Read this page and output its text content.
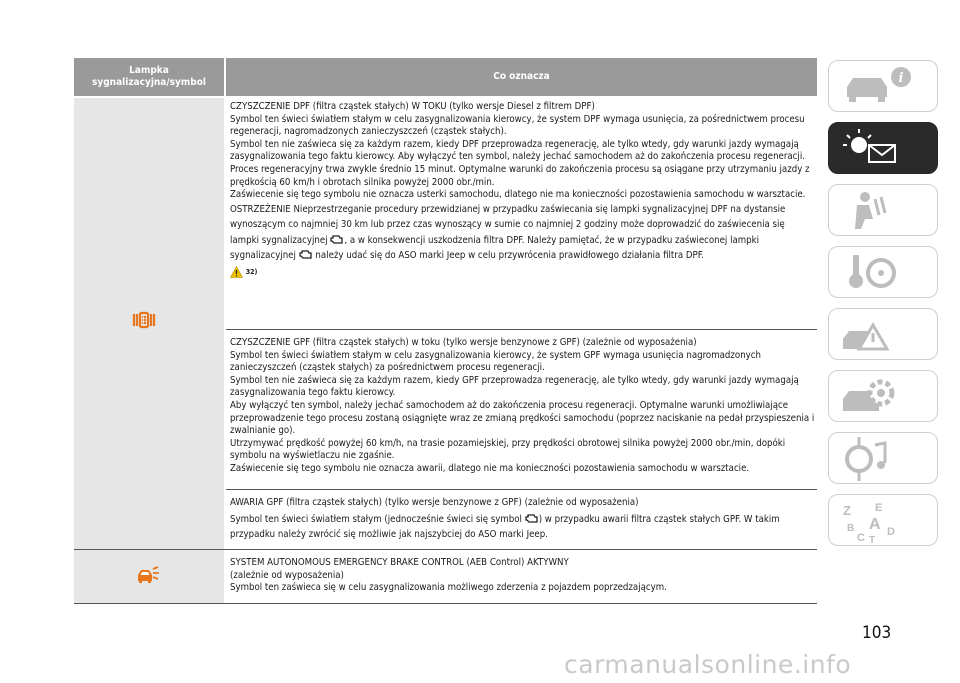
Lampka
sygnalizacyjna/symbol
Co oznacza

CZYSZCZENIE DPF (filtra cząstek stałych) W TOKU (tylko wersje Diesel z filtrem DPF)

Symbol ten świeci światłem stałym w celu zasygnalizowania kierowcy, że system DPF wymaga usunięcia, za pośrednictwem procesu regeneracji, nagromadzonych zanieczyszczeń (cząstek stałych).

Symbol ten nie zaświeca się za każdym razem, kiedy DPF przeprowadza regenerację, ale tylko wtedy, gdy warunki jazdy wymagają zasygnalizowania tego faktu kierowcy. Aby wyłączyć ten symbol, należy jechać samochodem aż do zakończenia procesu regeneracji. Proces regeneracyjny trwa zwykle średnio 15 minut. Optymalne warunki do zakończenia procesu są osiągane przy utrzymaniu jazdy z prędkością 60 km/h i obrotach silnika powyżej 2000 obr./min.

Zaświecenie się tego symbolu nie oznacza usterki samochodu, dlatego nie ma konieczności pozostawienia samochodu w warsztacie.

OSTRZEŻENIE Nieprzestrzeganie procedury przewidzianej w przypadku zaświecania się lampki sygnalizacyjnej DPF na dystansie wynoszącym co najmniej 30 km lub przez czas wynoszący w sumie co najmniej 2 godziny może doprowadzić do zaświecenia się lampki sygnalizacyjnej , a w konsekwencji uszkodzenia filtra DPF. Należy pamiętać, że w przypadku zaświeconej lampki sygnalizacyjnej należy udać się do ASO marki Jeep w celu przywrócenia prawidłowego działania filtra DPF.

$^{32)}$

CZYSZCZENIE GPF (filtra cząstek stałych) w toku (tylko wersje benzynowe z GPF) (zależnie od wyposażenia)

Symbol ten świeci światłem stałym w celu zasygnalizowania kierowcy, że system GPF wymaga usunięcia nagromadzonych zanieczyszczeń (cząstek stałych) za pośrednictwem procesu regeneracji.

Symbol ten nie zaświeca się za każdym razem, kiedy GPF przeprowadza regenerację, ale tylko wtedy, gdy warunki jazdy wymagają zasygnalizowania tego faktu kierowcy.

Aby wyłączyć ten symbol, należy jechać samochodem aż do zakończenia procesu regeneracji. Optymalne warunki umożliwiające przeprowadzenie tego procesu zostaną osiągnięte wraz ze zmianą prędkości samochodu (poprzez naciskanie na pedał przyspieszenia i zwalnianie go).

Utrzymywać prędkość powyżej 60 km/h, na trasie pozamiejskiej, przy prędkości obrotowej silnika powyżej 2000 obr./min, dopóki symbolu na wyświetlaczu nie zgaśnie.

Zaświecenie się tego symbolu nie oznacza awarii, dlatego nie ma konieczności pozostawienia samochodu w warsztacie.

AWARIA GPF (filtra cząstek stałych) (tylko wersje benzynowe z GPF) (zależnie od wyposażenia)

Symbol ten świeci światłem stałym (jednocześnie świeci się symbol ) w przypadku awarii filtra cząstek stałych GPF. W takim przypadku należy zwrócić się możliwie jak najszybciej do ASO marki Jeep.

SYSTEM AUTONOMOUS EMERGENCY BRAKE CONTROL (AEB Control) AKTYWNY

(zależnie od wyposażenia)

Symbol ten zaświeca się w celu zasygnalizowania możliwego zderzenia z pojazdem poprzedzającym.

i
Z E
B A
C T
D
103
carmanualsonline.info
